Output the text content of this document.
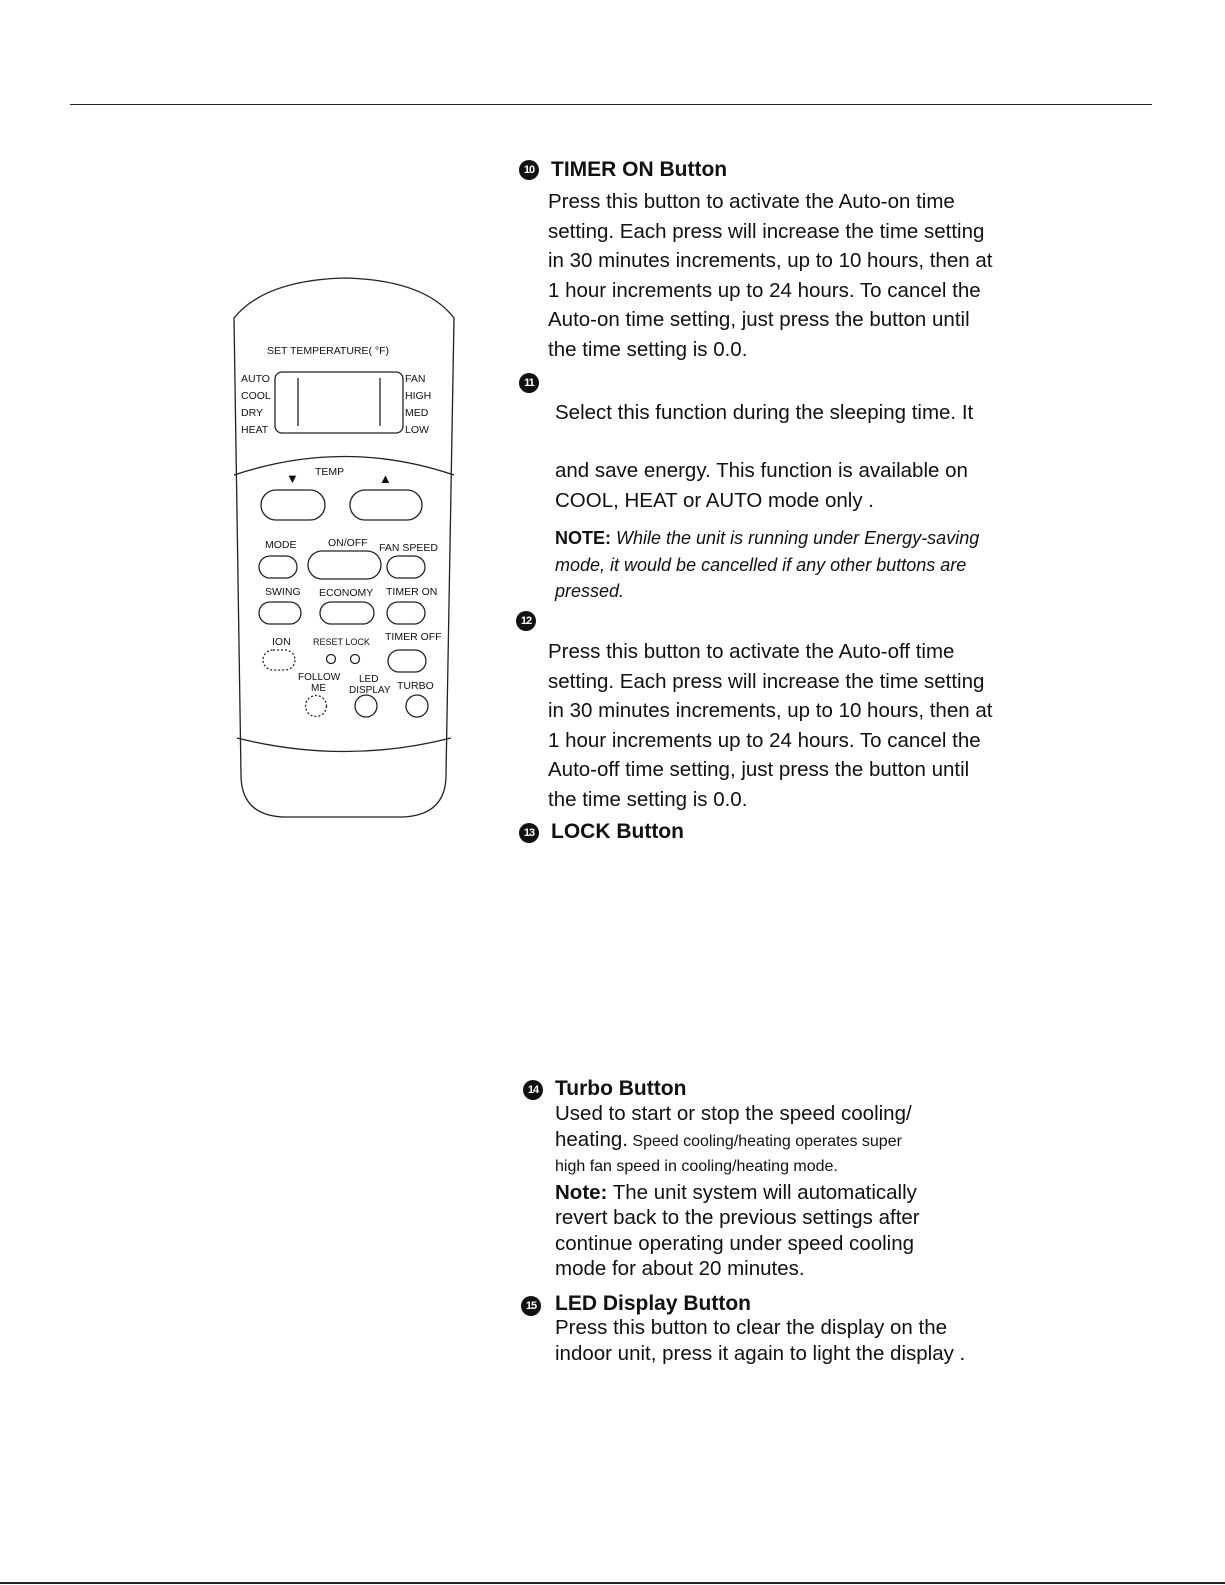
SET TEMPERATURE( °F)
AUTO
COOL
DRY
HEAT
FAN
HIGH
MED
LOW
▼ TEMP	▲
MODE	ON/OFF FAN SPEED
SWING ECONOMY TIMER ON
ION RESET LOCK TIMER OFF
FOLLOW
ME
LED
DISPLAY TURBO
10 TIMER ON Button
Press this button to activate the Auto-on time
setting. Each press will increase the time setting
in 30 minutes increments, up to 10 hours, then at
1 hour increments up to 24 hours. To cancel the
Auto-on time setting, just press the button until
the time setting is 0.0.
11
Select this function during the sleeping time. It
and save energy. This function is available on
COOL, HEAT or AUTO mode only .
NOTE: While the unit is running under Energy-saving
mode, it would be cancelled if any other buttons are
pressed.
12
Press this button to activate the Auto-off time
setting. Each press will increase the time setting
in 30 minutes increments, up to 10 hours, then at
1 hour increments up to 24 hours. To cancel the
Auto-off time setting, just press the button until
the time setting is 0.0.
13 LOCK Button
14 Turbo Button
Used to start or stop the speed cooling/
heating. Speed cooling/heating operates super
high fan speed in cooling/heating mode.
Note: The unit system will automatically
revert back to the previous settings after
continue operating under speed cooling
mode for about 20 minutes.
15 LED Display Button
Press this button to clear the display on the
indoor unit, press it again to light the display .
